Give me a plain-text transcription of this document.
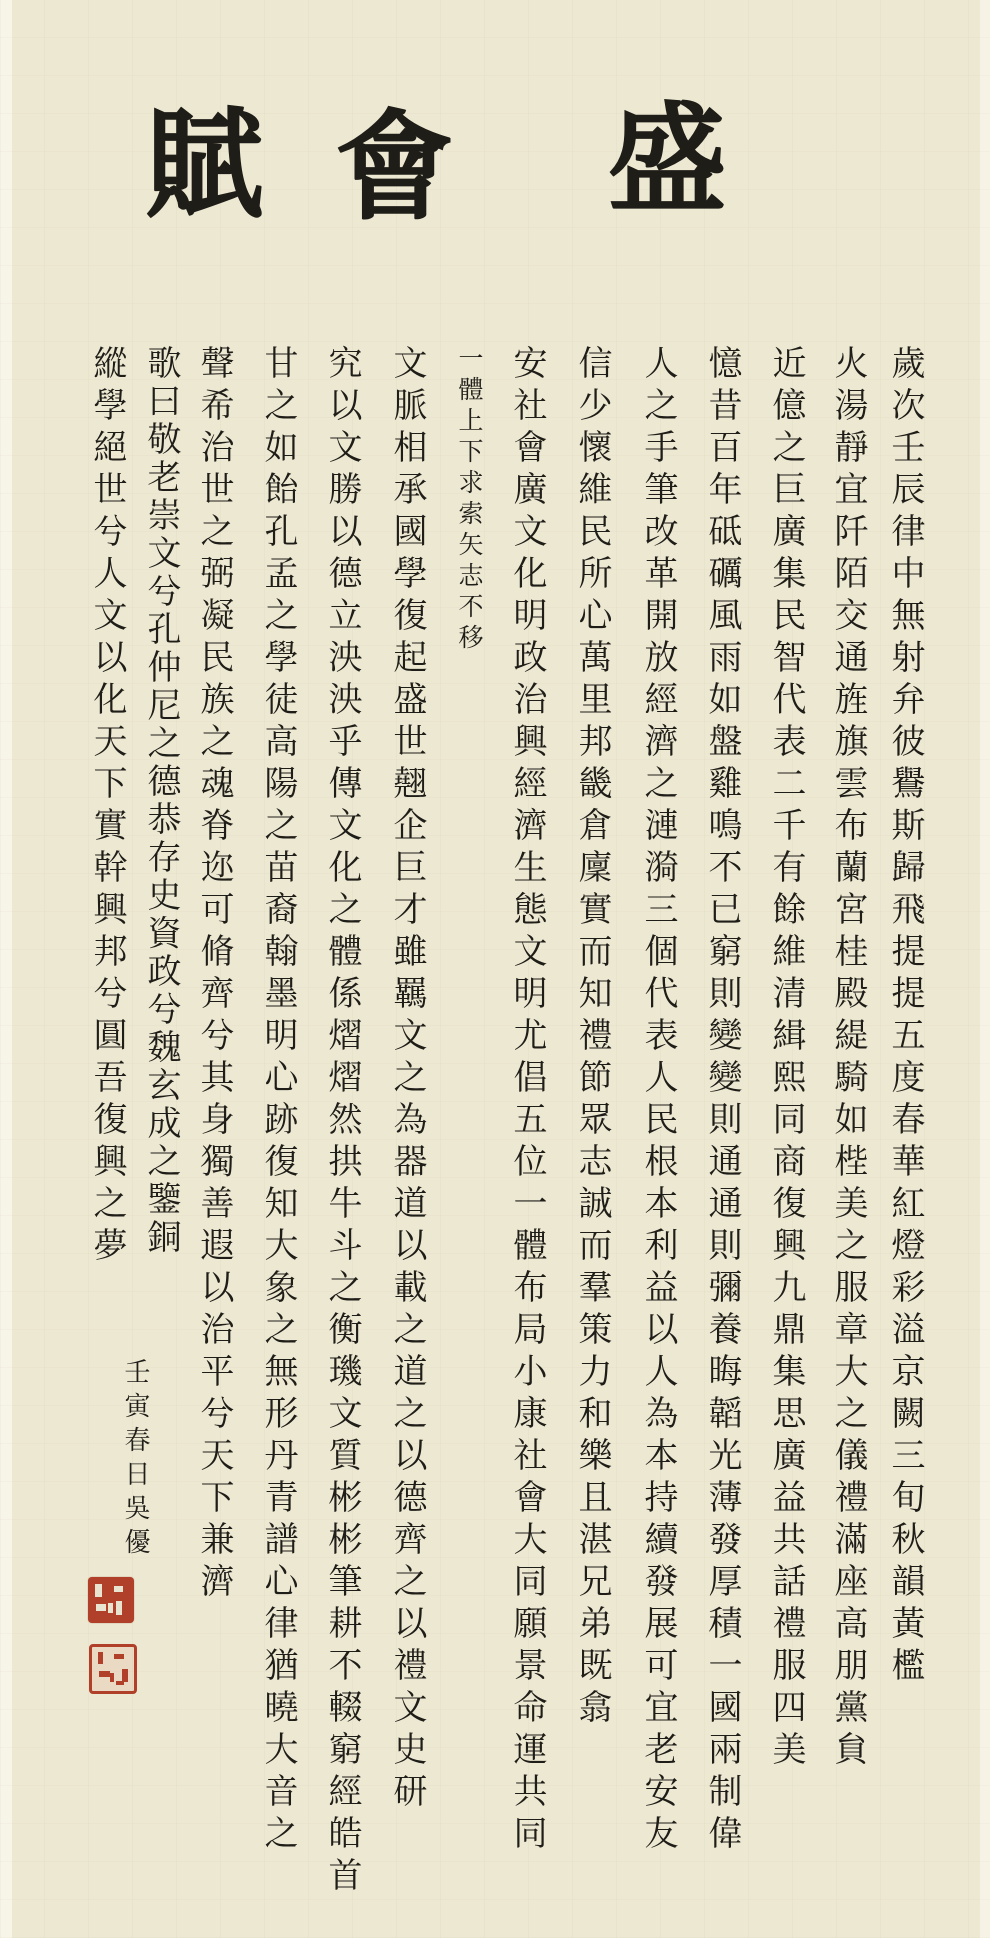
盛
會
賦
歲次壬辰律中無射弁彼鸒斯歸飛提提五度春華紅燈彩溢京闕三旬秋韻黃檻
火湯靜宜阡陌交通旌旗雲布蘭宮桂殿緹騎如梐美之服章大之儀禮滿座高朋黨貟
近億之巨廣集民智代表二千有餘維清緝熙同商復興九鼎集思廣益共話禮服四美
憶昔百年砥礪風雨如盤雞鳴不已窮則變變則通通則彌養晦韜光薄發厚積一國兩制偉
人之手筆改革開放經濟之漣漪三個代表人民根本利益以人為本持續發展可宜老安友
信少懷維民所心萬里邦畿倉廩實而知禮節眾志誠而羣策力和樂且湛兄弟既翕
安社會廣文化明政治興經濟生態文明尤倡五位一體布局小康社會大同願景命運共同
一體上下求索矢志不移
文脈相承國學復起盛世翹企巨才雖羈文之為器道以載之道之以德齊之以禮文史研
究以文勝以德立泱泱乎傳文化之體係熠熠然拱牛斗之衡璣文質彬彬筆耕不輟窮經皓首
甘之如飴孔孟之學徒高陽之苗裔翰墨明心跡復知大象之無形丹青譜心律猶曉大音之
聲希治世之弼凝民族之魂脊迩可脩齊兮其身獨善遐以治平兮天下兼濟
歌曰敬老崇文兮孔仲尼之德恭存史資政兮魏玄成之鑒銅
縱學絕世兮人文以化天下實幹興邦兮圓吾復興之夢
壬寅春日吳優
